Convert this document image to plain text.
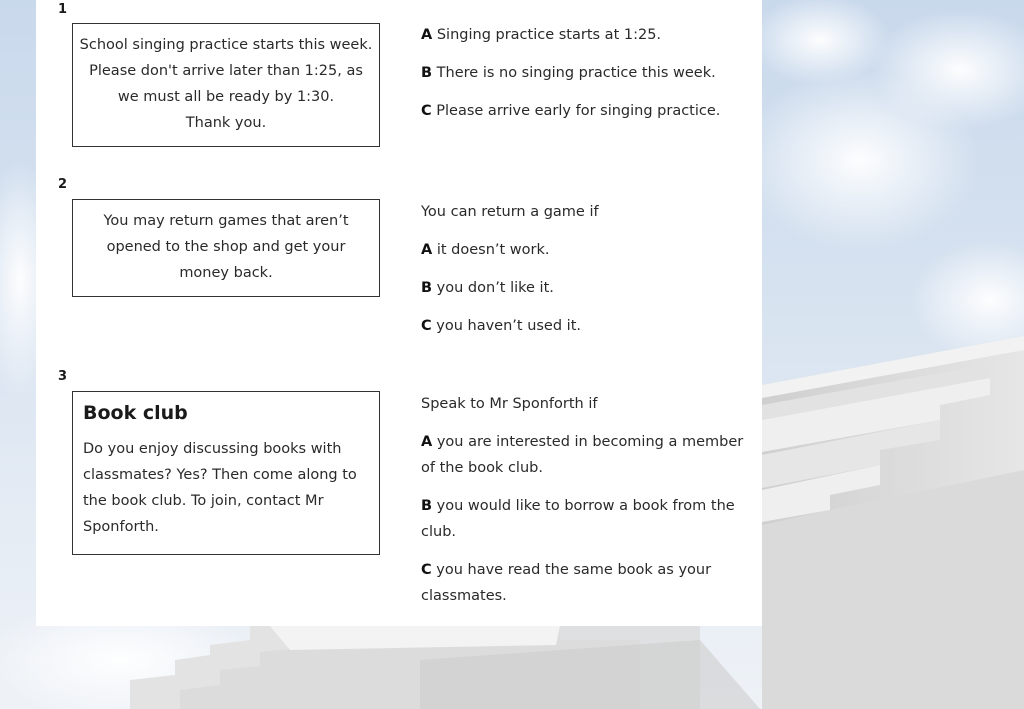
1
School singing practice starts this week.
Please don't arrive later than 1:25, as
we must all be ready by 1:30.
Thank you.

A Singing practice starts at 1:25.

B There is no singing practice this week.

C Please arrive early for singing practice.

2
You may return games that aren’t
opened to the shop and get your
money back.

You can return a game if

A it doesn’t work.

B you don’t like it.

C you haven’t used it.

3
Book club
Do you enjoy discussing books with
classmates? Yes? Then come along to
the book club. To join, contact Mr
Sponforth.

Speak to Mr Sponforth if

A you are interested in becoming a member
of the book club.
B you would like to borrow a book from the
club.
C you have read the same book as your
classmates.
